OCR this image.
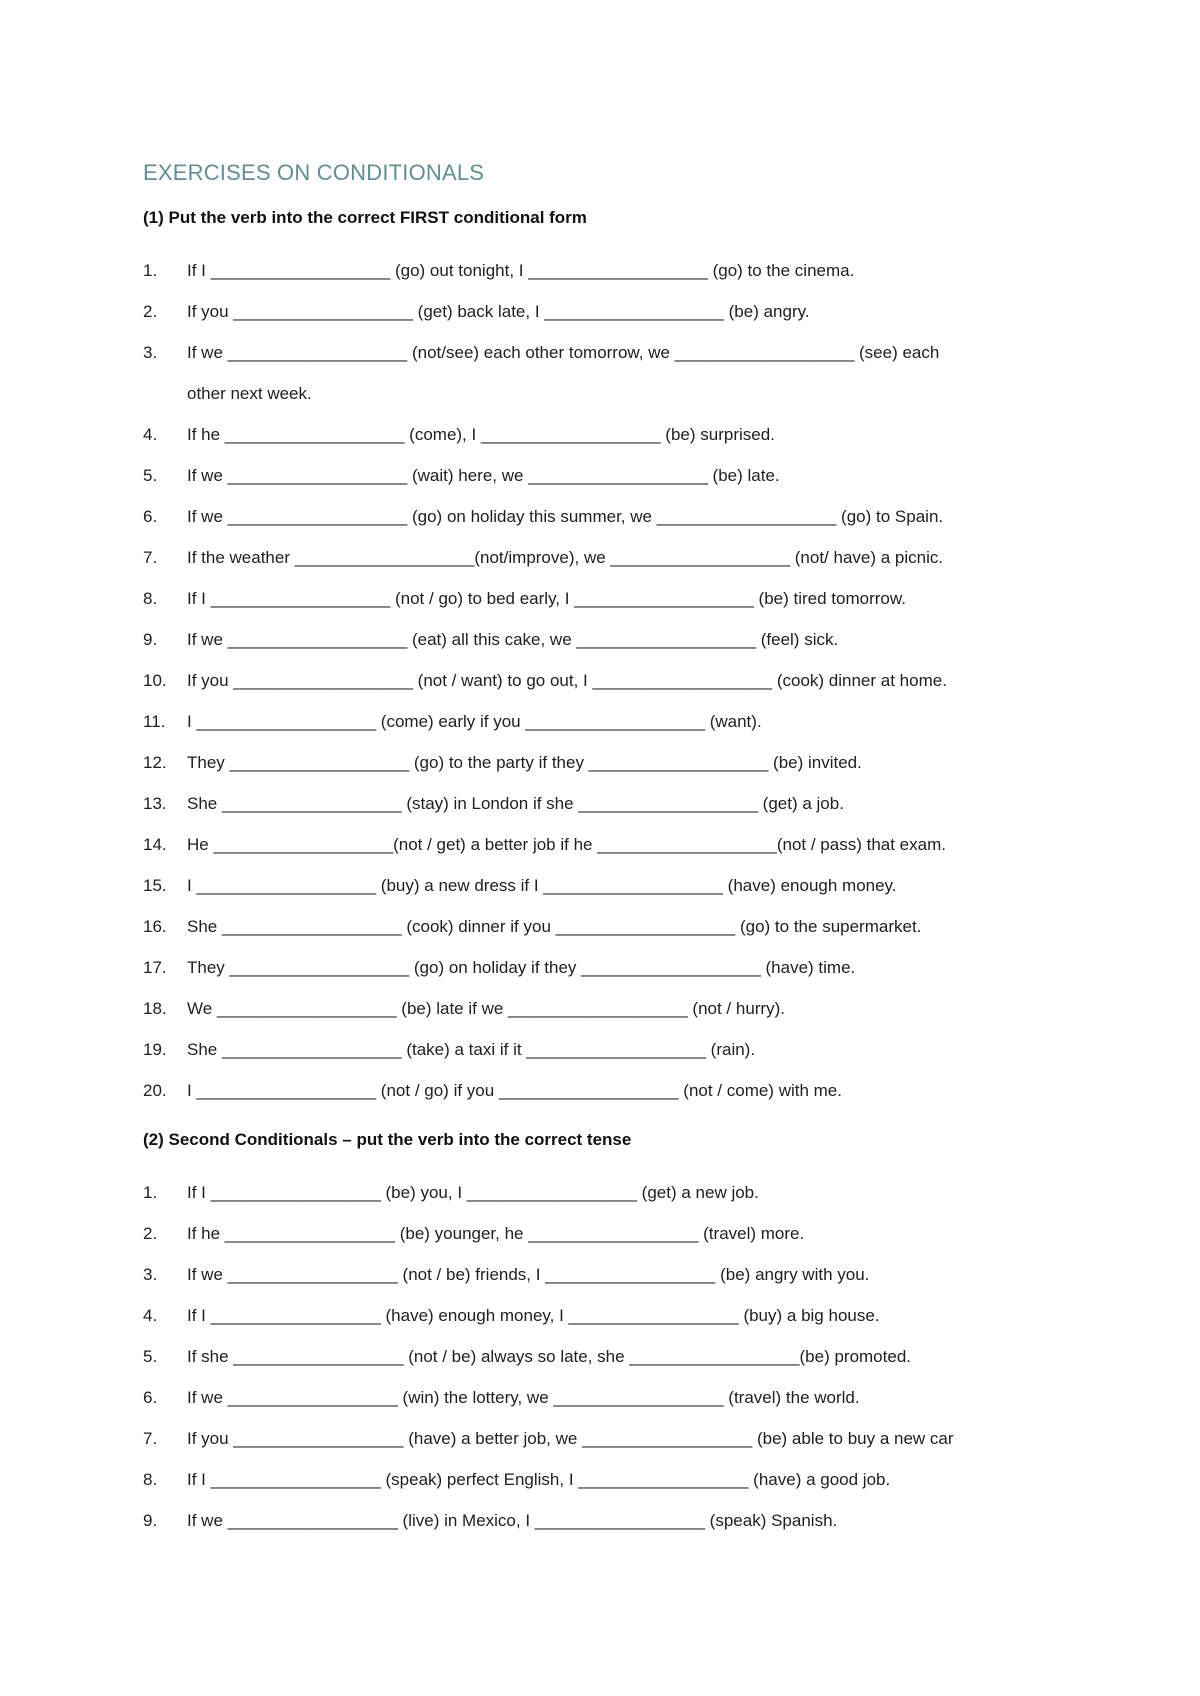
EXERCISES ON CONDITIONALS
(1) Put the verb into the correct FIRST conditional form
1.	If I ___________________ (go) out tonight, I ___________________ (go) to the cinema.
2.	If you ___________________ (get) back late, I ___________________ (be) angry.
3.	If we ___________________ (not/see) each other tomorrow, we ___________________ (see) each
other next week.
4.	If he ___________________ (come), I ___________________ (be) surprised.
5.	If we ___________________ (wait) here, we ___________________ (be) late.
6.	If we ___________________ (go) on holiday this summer, we ___________________ (go) to Spain.
7.	If the weather ___________________(not/improve), we ___________________ (not/ have) a picnic.
8.	If I ___________________ (not / go) to bed early, I ___________________ (be) tired tomorrow.
9.	If we ___________________ (eat) all this cake, we ___________________ (feel) sick.
10.	If you ___________________ (not / want) to go out, I ___________________ (cook) dinner at home.
11.	I ___________________ (come) early if you ___________________ (want).
12.	They ___________________ (go) to the party if they ___________________ (be) invited.
13.	She ___________________ (stay) in London if she ___________________ (get) a job.
14.	He ___________________(not / get) a better job if he ___________________(not / pass) that exam.
15.	I ___________________ (buy) a new dress if I ___________________ (have) enough money.
16.	She ___________________ (cook) dinner if you ___________________ (go) to the supermarket.
17.	They ___________________ (go) on holiday if they ___________________ (have) time.
18.	We ___________________ (be) late if we ___________________ (not / hurry).
19.	She ___________________ (take) a taxi if it ___________________ (rain).
20.	I ___________________ (not / go) if you ___________________ (not / come) with me.
(2) Second Conditionals – put the verb into the correct tense
1.	If I __________________ (be) you, I __________________ (get) a new job.
2.	If he __________________ (be) younger, he __________________ (travel) more.
3.	If we __________________ (not / be) friends, I __________________ (be) angry with you.
4.	If I __________________ (have) enough money, I __________________ (buy) a big house.
5.	If she __________________ (not / be) always so late, she __________________(be) promoted.
6.	If we __________________ (win) the lottery, we __________________ (travel) the world.
7.	If you __________________ (have) a better job, we __________________ (be) able to buy a new car
8.	If I __________________ (speak) perfect English, I __________________ (have) a good job.
9.	If we __________________ (live) in Mexico, I __________________ (speak) Spanish.
